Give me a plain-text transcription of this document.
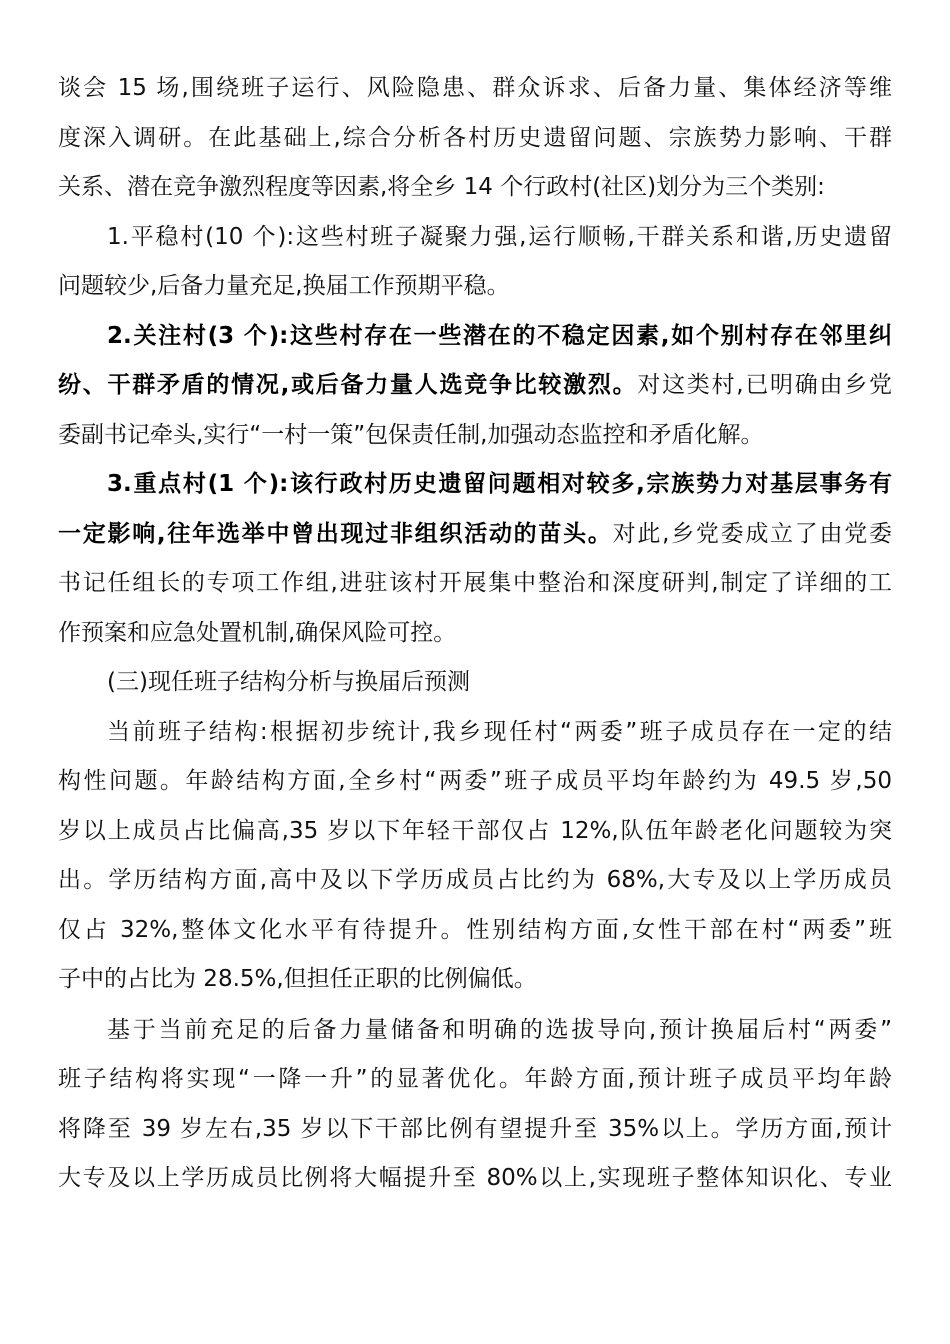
谈会 15 场,围绕班子运行、风险隐患、群众诉求、后备力量、集体经济等维
度深入调研。在此基础上,综合分析各村历史遗留问题、宗族势力影响、干群
关系、潜在竞争激烈程度等因素,将全乡 14 个行政村(社区)划分为三个类别:
1.平稳村(10 个):这些村班子凝聚力强,运行顺畅,干群关系和谐,历史遗留
问题较少,后备力量充足,换届工作预期平稳。
2.关注村(3 个):这些村存在一些潜在的不稳定因素,如个别村存在邻里纠
纷、干群矛盾的情况,或后备力量人选竞争比较激烈。对这类村,已明确由乡党
委副书记牵头,实行“一村一策”包保责任制,加强动态监控和矛盾化解。
3.重点村(1 个):该行政村历史遗留问题相对较多,宗族势力对基层事务有
一定影响,往年选举中曾出现过非组织活动的苗头。对此,乡党委成立了由党委
书记任组长的专项工作组,进驻该村开展集中整治和深度研判,制定了详细的工
作预案和应急处置机制,确保风险可控。
(三)现任班子结构分析与换届后预测
当前班子结构:根据初步统计,我乡现任村“两委”班子成员存在一定的结
构性问题。年龄结构方面,全乡村“两委”班子成员平均年龄约为 49.5 岁,50
岁以上成员占比偏高,35 岁以下年轻干部仅占 12%,队伍年龄老化问题较为突
出。学历结构方面,高中及以下学历成员占比约为 68%,大专及以上学历成员
仅占 32%,整体文化水平有待提升。性别结构方面,女性干部在村“两委”班
子中的占比为 28.5%,但担任正职的比例偏低。
基于当前充足的后备力量储备和明确的选拔导向,预计换届后村“两委”
班子结构将实现“一降一升”的显著优化。年龄方面,预计班子成员平均年龄
将降至 39 岁左右,35 岁以下干部比例有望提升至 35%以上。学历方面,预计
大专及以上学历成员比例将大幅提升至 80%以上,实现班子整体知识化、专业
